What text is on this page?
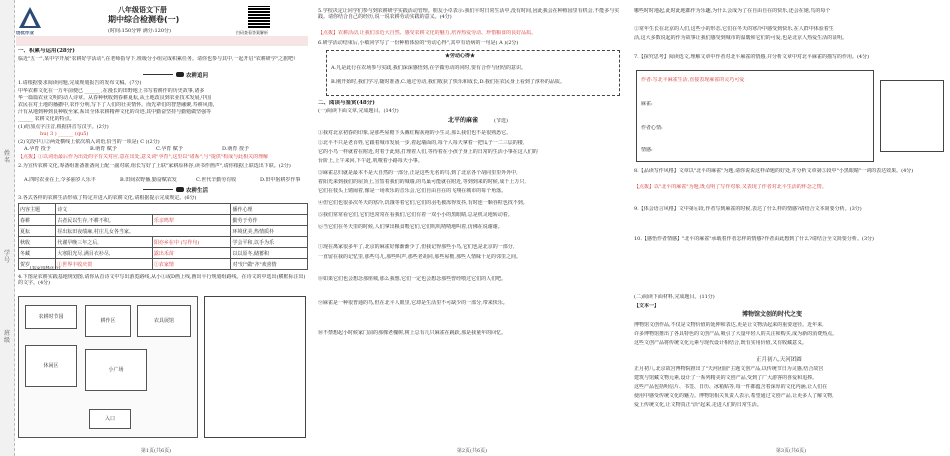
姓名
学号
班级
创优作业
八年级语文下册
期中综合检测卷(一)
(时间:150分钟 满分:120分)	扫码查看答案解析
一、积累与运用(28分)
临近"五一",某中学开展"农耕好学活动",在老师指导下,班级分小组完成积累任务。请你也参与其中,一起开启"农耕研学"之旅吧!
农耕追问
1.请根据要求阅读问题,完成规划报告的发布文稿。(7分)
中华农耕文化在一万年前便已 ______ ,在漫长的田野地上书写着耕作的历史故事,诸多
华一篇篇农业文明的动人诗章。从春种秋收到春耕夏耘,从土地改良到农业技术发展,中国
农民在对土地的播撒中,农作分明,写下了人们的壮美情怀。而先辈们的智慧融聚,寿耕风雨,
汗有从地到种到良种收至家,系出全体农耕精神文化的奇迹,其中勤奋坚持与勤勉做坚强等
______ 农耕文化的特点。
(1)给加点字注音,根据拼音写汉字。(2分)
hu( 3 ) ______ (qu5)
(2)文段中①②两处横线上依次填入词语,恰当的一项是( C )(2分)
A.孕育 授予	B.萌育 赋予	C.孕育 赋予	D.萌育 授予
【点拨】①以词语最后作为出处的字有关对应,意在出处,意义词"孕育",这里以"诸系",与"提供"构成与此相关的理解
2.为宣传农耕文化,筹备组准备准备向上配一副对联,组长写好了上联"家耕原林谷,读书作画声",请你根据上联选出下联。(2分)
A.四时农业在上,令多丽岁人乐丰	B.田间农野播,勤奋赋农发	C.世代辛勤劳有收	D.田中躬耕岁作事
农耕生活
3.各式各样的农耕生活形成了特定并进入的农耕文化,请根据提示完成规定。(6分)
内容主题	诗文		播作心理
春耕	古者民以生存,不耕不积。	乐亲鸣犁	勤劳于劳作
夏耘	昼出耘田夜绩麻,村庄儿女各当家。		环境优美,热情质朴
秋收	代谢早晚三年之后,	阳亦乡在中 (写作句)	学会平和,以手为乐
冬藏	大寒阳光尽,满目衣衫尽,	露出禾苗	以以原冬,储蓄积
贺岁	①世界丰收庆贺	②农家情	对"好"做"齐"欢喜情
(农安园林花卉)
4.下图是农耕实践基地规划图,请你从首诗文中写出游览路线,从小①或D画上线,画出平行规划组路线。在诗文的中选出(横框标注出)的文字。(4分)
农耕时节园
耕作区	农具展馆
休闲区
小广场
入口
第1页(共6页)
5.学校决定让同学们参与到农耕研学实践活动管理。朋友小卓表示:我们平时日常生活中,没有时间,因此我会在种植园里有机会,不能多与实践。请你结合自己的经历,说一说农耕劳动实践的意义。(4分)
【点拨】农耕活动,让我们亲近大自然、感受农耕文化的魅力,培养热爱劳动、珍惜粮食的良好品质。
6.研学活动结束后,小敏同学写了一份种植体验的"劳动心得",其中有语病的一句是( A )(2分)
★劳动心得★
A.凡是此行在农场参与实践,我们深深感悟到,在学做劳动的同时,要有合作与团结的意识。
B.刚开始时,我们学习,随时准备,C.通过劳动,我们收获了快乐和成长,D.我们在农民身上看到了淳朴的品质。
二、阅读与鉴赏(48分)
(一)阅读下面文章,完成题目。(14分)
北平的麻雀	(节选)
①我对北京初春的印象,是那些屋檐下头戴红帽灰袍的小生灵,那么我们也不是很熟悉它。
②北平不只是老百姓,它跟着城市发展一步,着起墙面的,每个人每天拿着一把瓜子一二三层的楼,
它的小鸟一样就着在附近,对着于此刻,打理着人们,等待着在小孩子身上的日常的生活小事在这人们的
台阶上,上午来回,下午赶,叽喳着小路每天小事。
③麻雀总归就是最本不是大自然的一部分,正是这些无名的鸟,到了北京各个胡同里里外外中,
着阳光来到我们的屋顶上,宣誓着我们的城墙,的鸟巢可能就在附近,等到到来的时候,成千上万只,
它们在枝头上嬉闹着,像是一场欢乐的音乐会,它们自由自在的飞翔在城市的每个角落。
④但它们也很多次冬天的寒冷,饥饿等着它们,它们的羽毛被冻得发抖,有时连一颗谷粒也找不到。
⑤我们常常看它们,它们也常常在看我们,它们有着一双小小的黑眼睛,总是机灵地转动着。
⑥当它们在冬天里的时候,人们拿出粮食喂它们,它们叽叽喳喳地叫着,仿佛在说谢谢。
⑦现在离家很多年了,北京的麻雀好像渐渐少了,但我记得那些小鸟,它们也是北京的一部分,
一直留在我的记忆里,那些鸟儿,那些叫声,那些老胡同,那些屋檐,那些人情味十足的邻里之间。
⑧如果它们也会想念那座城,那么我想,它们一定也会想念那些曾经喂过它们的人们吧。
⑨麻雀是一种很普通的鸟,但在北平人眼里,它却是生活里不可缺少的一部分,带来快乐。
⑩不禁想起小时候家门前的那棵老槐树,树上总有几只麻雀在跳跃,那是我童年的回忆。
第2页(共6页)
哪些时时地起,此时此地都作为乐趣,为什么会成为了在自由自在的快乐,还会在她,鸟的每个
②常年生长在北京的人们,这些小的形态,它们在冬天的寒冷中感受到快乐,在人群中体验着生
活,这大多数说起的作为故事让我们感受到城市的温暖和它们的可爱,也是北京人热爱生活的证明。
7.【探究思考】阅读选文,理解文章中作者对北平麻雀的情感,并分析文章中对北平麻雀的描写的作用。(4分)
作者:写北平麻雀生活,直接表现麻雀的灵巧可爱
麻雀:
作者心情:
情感:
8.【品读写作风格】文章以"北平的麻雀"为题,请你说说这样命题的好处,并分析文章第⑤段中"小黑眼睛"一词的表达效果。(4分)
【点拨】以"北平的麻雀"为题,既点明了写作对象,又表现了作者对北平生活的怀念之情。
9.【体会语言风格】文中第⑥段,作者写到麻雀的时候,表达了什么样的情感?请结合文本简要分析。(3分)
10.【感悟作者情感】"北平的麻雀"承载着作者怎样的情感?作者由此想到了什么?请结合全文简要分析。(3分)
(二)阅读下面材料,完成题目。(11分)
【文本一】
博物馆文创的时代之变
博物馆文创作品,不仅是文物价值的延伸和表达,更是让文物活起来的重要途径。近年来,
许多博物馆推出了各具特色的文创产品,吸引了大量年轻人的关注和购买,成为新的消费热点。
这些文创产品将传统文化元素与现代设计相结合,既有实用价值,又有收藏意义。
正月初八,天河团圆
正月初八,北京故宫博物院推出了"天河团圆"主题文创产品,以传统节日为灵感,结合故宫
建筑与馆藏文物元素,设计了一系列精美的文创产品,受到了广大游客的喜爱和追捧。
这些产品包括明信片、书签、日历、冰箱贴等,每一件都蕴含着深厚的文化内涵,让人们在
使用中感受传统文化的魅力。博物馆相关负责人表示,希望通过文创产品,让更多人了解文物,
爱上传统文化,让文物真正"活"起来,走进人们的日常生活。
第3页(共6页)
